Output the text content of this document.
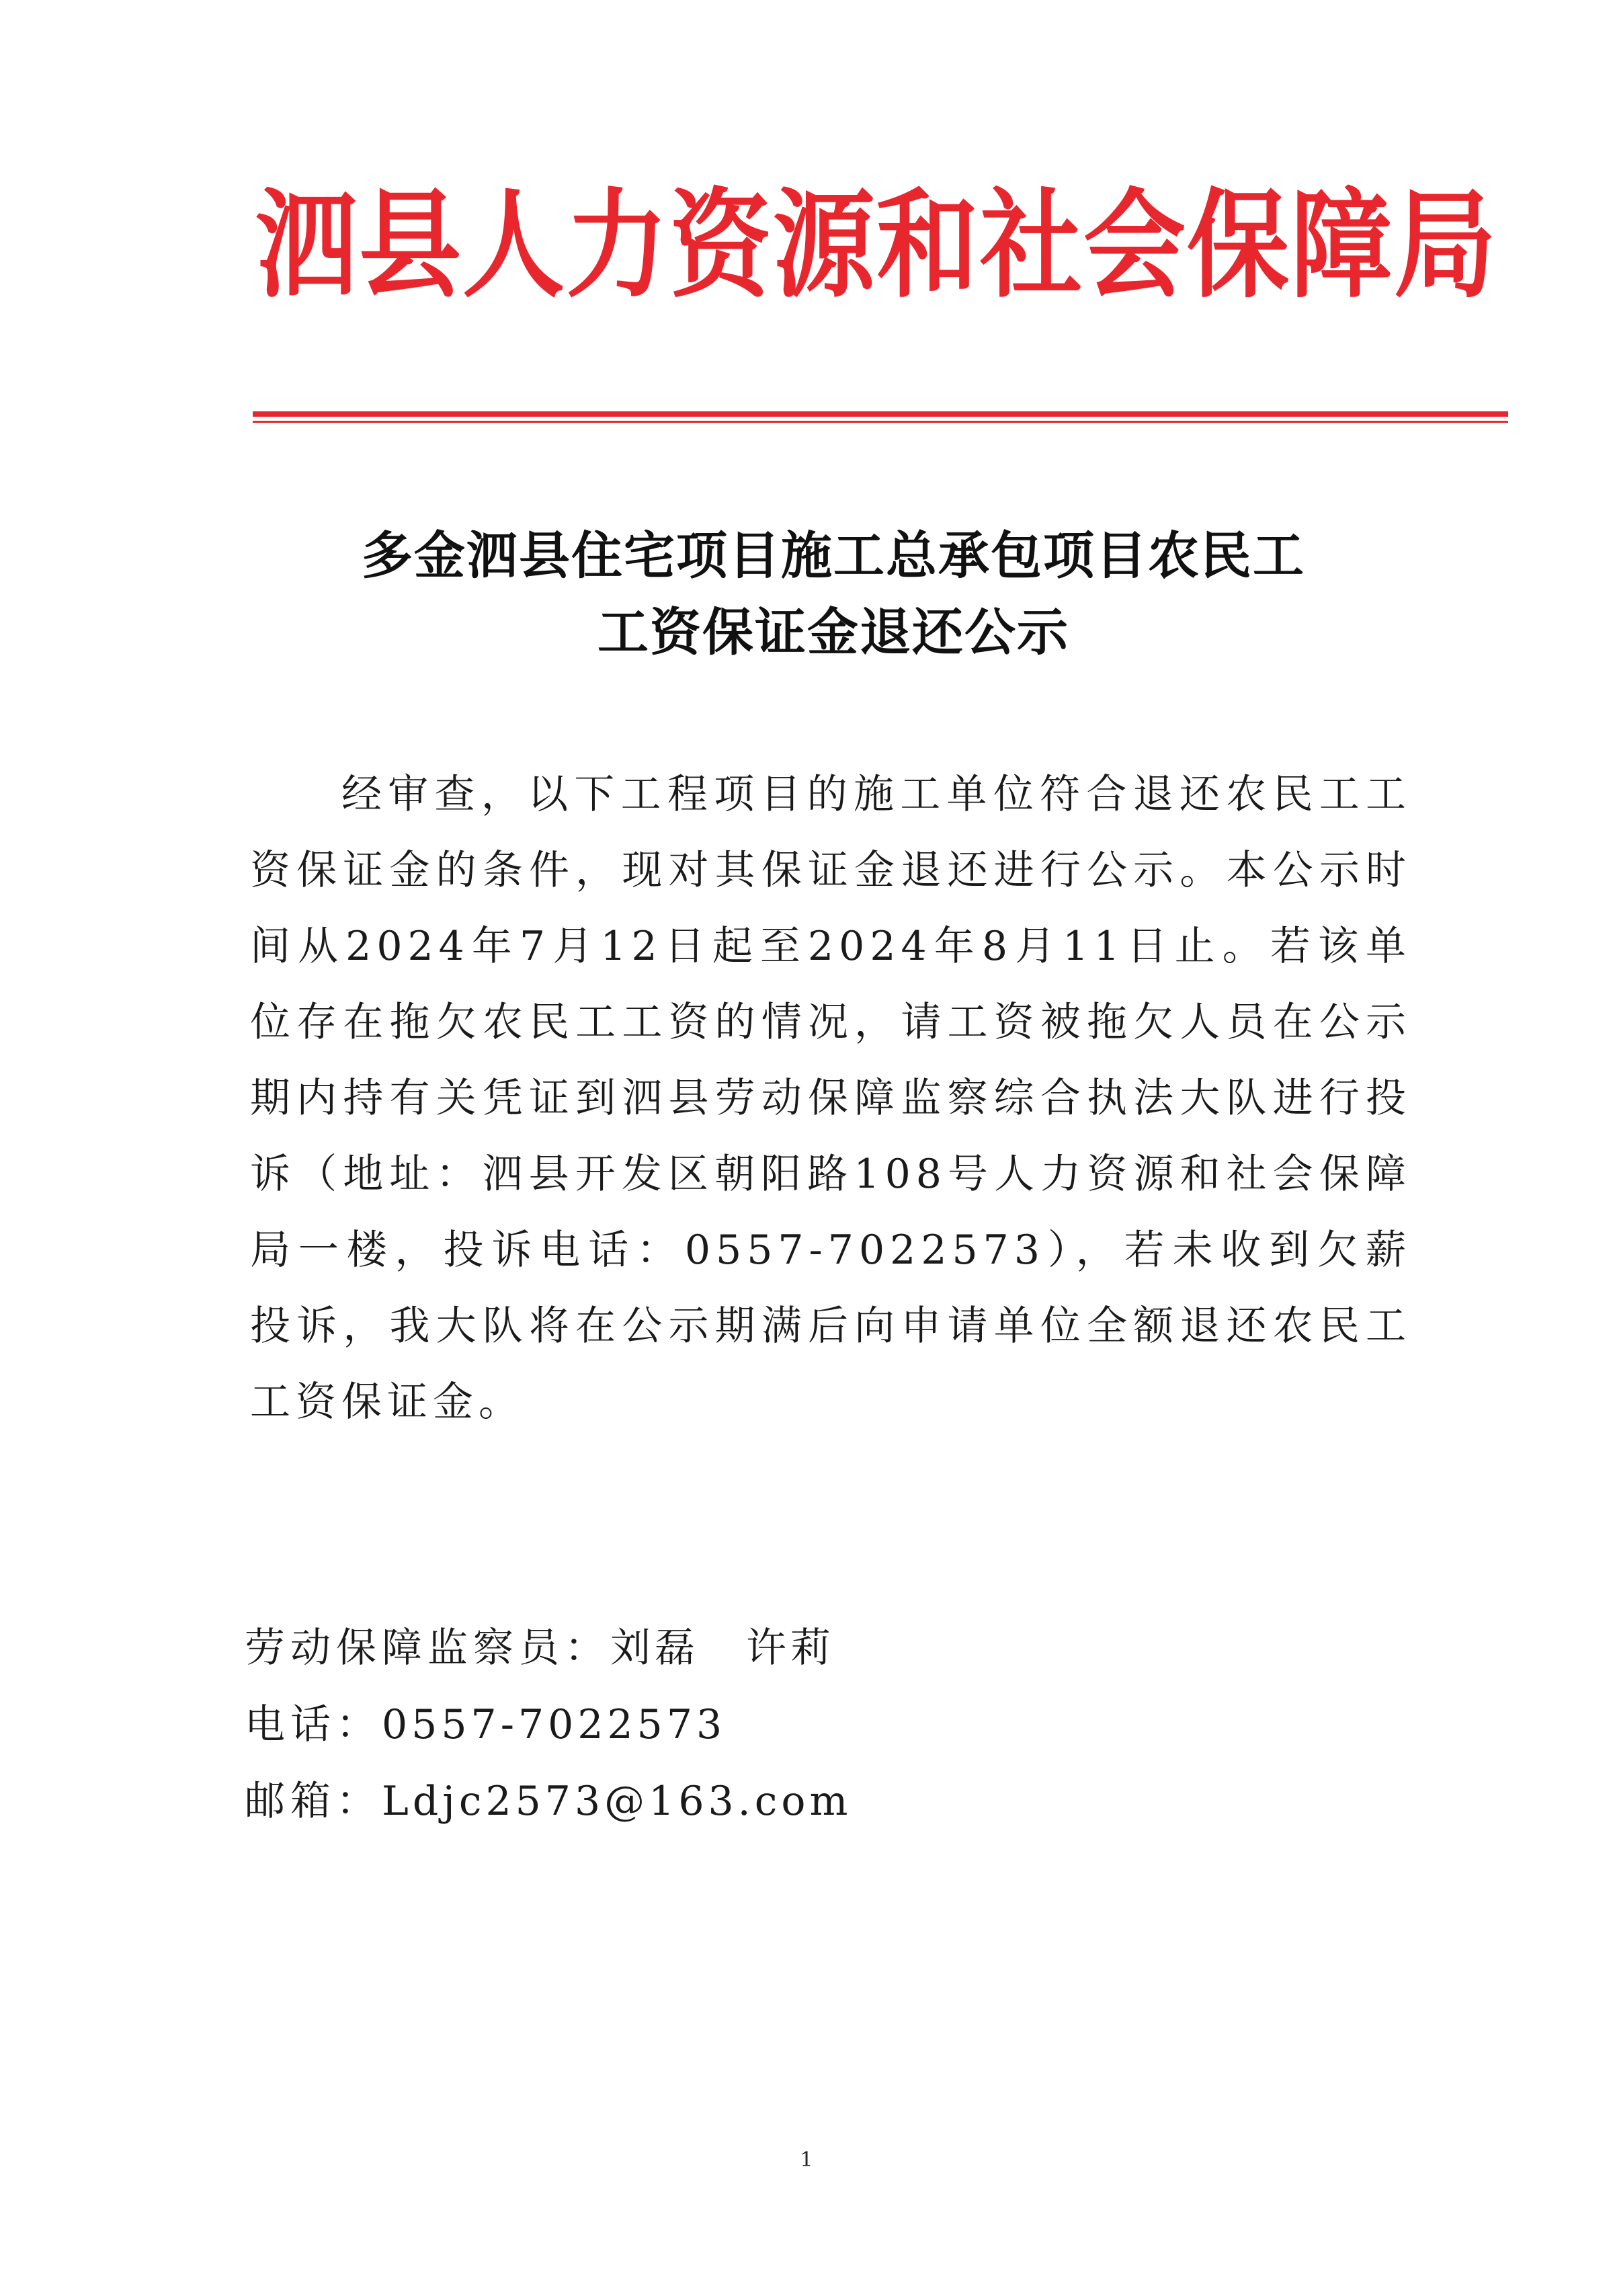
泗县人力资源和社会保障局
多金泗县住宅项目施工总承包项目农民工
工资保证金退还公示

经审查，以下工程项目的施工单位符合退还农民工工资保证金的条件，现对其保证金退还进行公示。本公示时间从2024年7月12日起至2024年8月11日止。若该单位存在拖欠农民工工资的情况，请工资被拖欠人员在公示期内持有关凭证到泗县劳动保障监察综合执法大队进行投诉（地址：泗县开发区朝阳路108号人力资源和社会保障局一楼，投诉电话：0557-7022573），若未收到欠薪投诉，我大队将在公示期满后向申请单位全额退还农民工工资保证金。

劳动保障监察员：刘磊 许莉
电话：0557-7022573
邮箱：Ldjc2573@163.com
1
